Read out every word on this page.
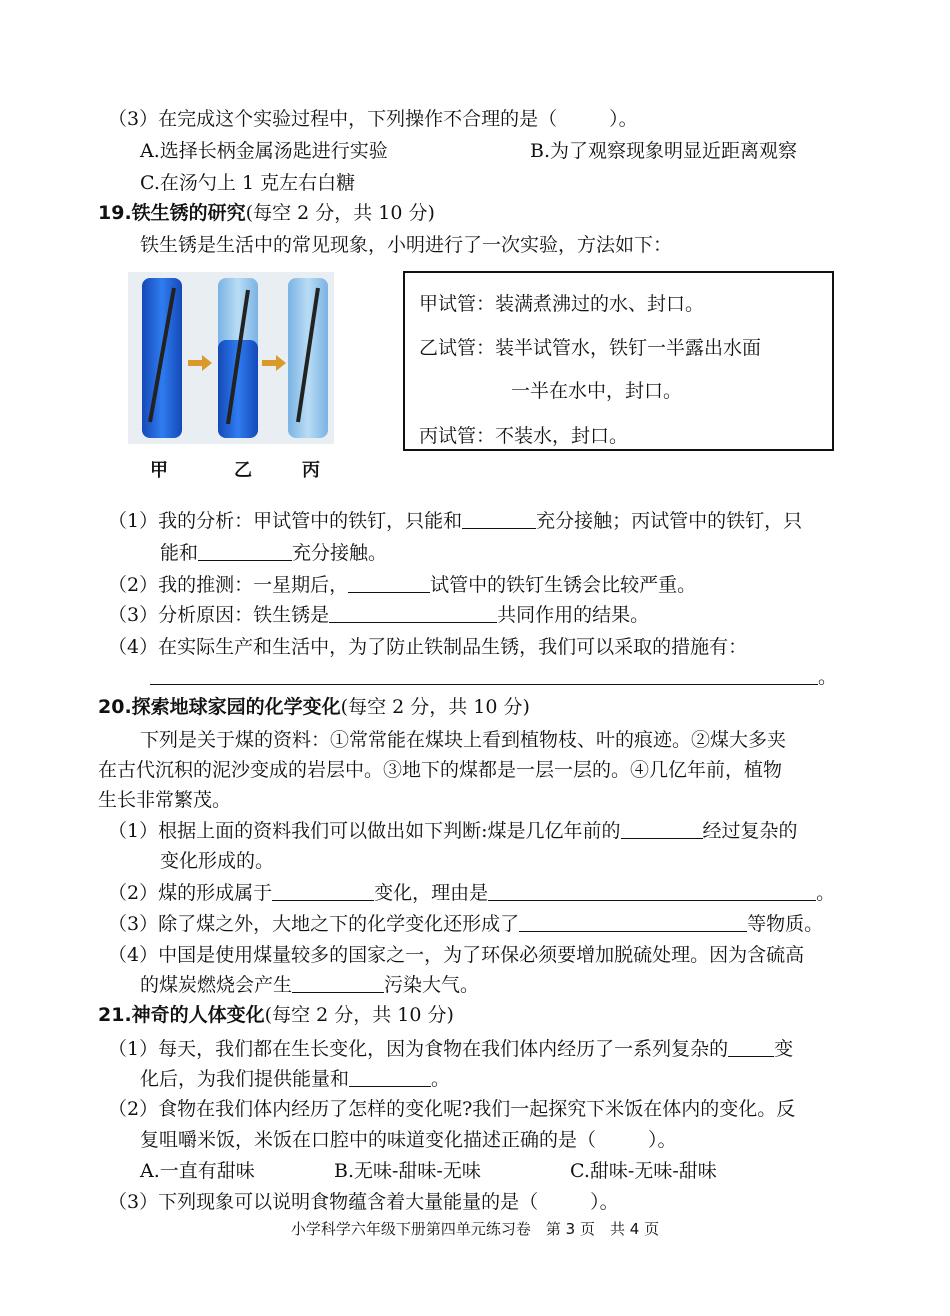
（3）在完成这个实验过程中，下列操作不合理的是（	）。
A.选择长柄金属汤匙进行实验	B.为了观察现象明显近距离观察
C.在汤勺上 1 克左右白糖
19.铁生锈的研究(每空 2 分，共 10 分)
铁生锈是生活中的常见现象，小明进行了一次实验，方法如下：
甲	乙	丙
甲试管：装满煮沸过的水、封口。
乙试管：装半试管水，铁钉一半露出水面
一半在水中，封口。
丙试管：不装水，封口。
（1）我的分析：甲试管中的铁钉，只能和	充分接触；丙试管中的铁钉，只
能和	充分接触。
（2）我的推测：一星期后，	试管中的铁钉生锈会比较严重。
（3）分析原因：铁生锈是	共同作用的结果。
（4）在实际生产和生活中，为了防止铁制品生锈，我们可以采取的措施有：
。
20.探索地球家园的化学变化(每空 2 分，共 10 分)
下列是关于煤的资料：①常常能在煤块上看到植物枝、叶的痕迹。②煤大多夹
在古代沉积的泥沙变成的岩层中。③地下的煤都是一层一层的。④几亿年前，植物
生长非常繁茂。
（1）根据上面的资料我们可以做出如下判断:煤是几亿年前的	经过复杂的
变化形成的。
（2）煤的形成属于	变化，理由是	。
（3）除了煤之外，大地之下的化学变化还形成了	等物质。
（4）中国是使用煤量较多的国家之一，为了环保必须要增加脱硫处理。因为含硫高
的煤炭燃烧会产生	污染大气。
21.神奇的人体变化(每空 2 分，共 10 分)
（1）每天，我们都在生长变化，因为食物在我们体内经历了一系列复杂的 变
化后，为我们提供能量和	。
（2）食物在我们体内经历了怎样的变化呢?我们一起探究下米饭在体内的变化。反
复咀嚼米饭，米饭在口腔中的味道变化描述正确的是（	）。
A.一直有甜味	B.无味-甜味-无味	C.甜味-无味-甜味
（3）下列现象可以说明食物蕴含着大量能量的是（	）。
小学科学六年级下册第四单元练习卷　第 3 页　共 4 页
